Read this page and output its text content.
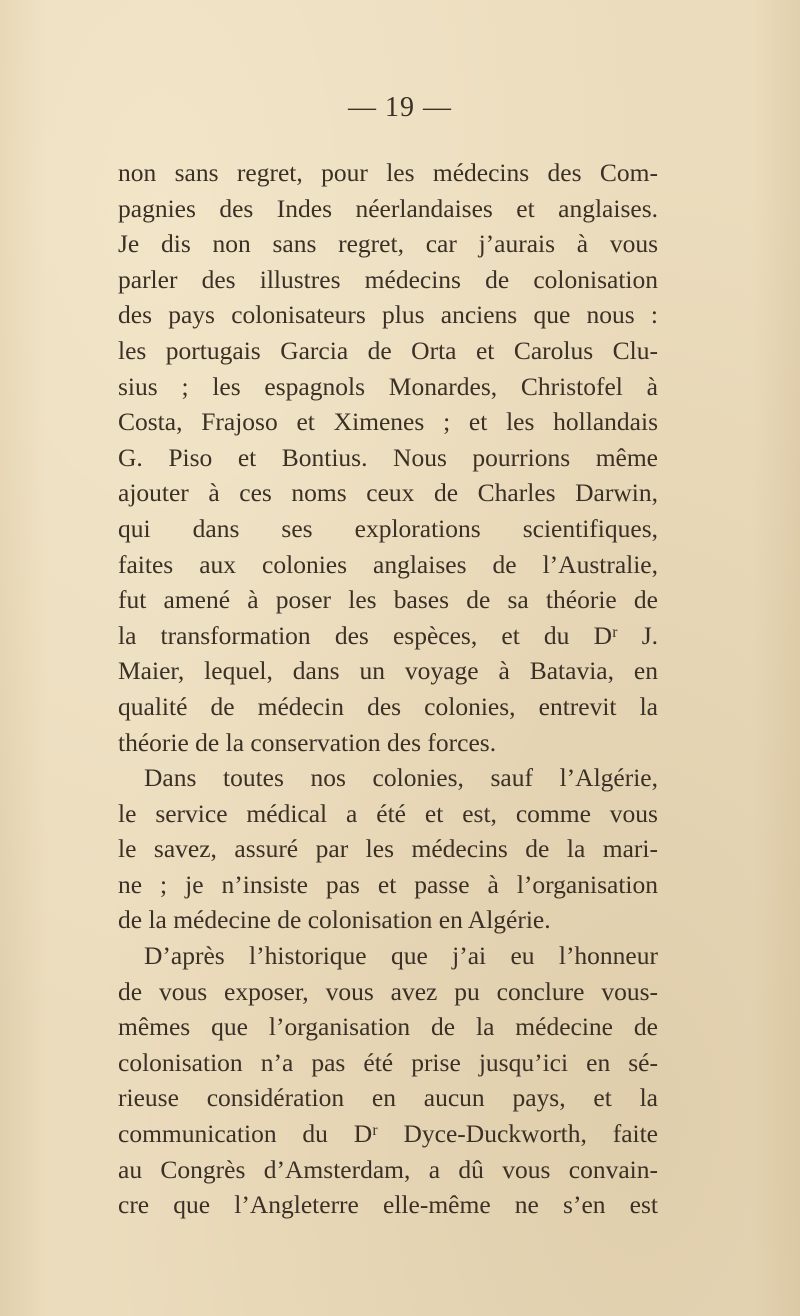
— 19 —
non sans regret, pour les médecins des Com-
pagnies des Indes néerlandaises et anglaises.
Je dis non sans regret, car j’aurais à vous
parler des illustres médecins de colonisation
des pays colonisateurs plus anciens que nous :
les portugais Garcia de Orta et Carolus Clu-
sius ; les espagnols Monardes, Christofel à
Costa, Frajoso et Ximenes ; et les hollandais
G. Piso et Bontius. Nous pourrions même
ajouter à ces noms ceux de Charles Darwin,
qui dans ses explorations scientifiques,
faites aux colonies anglaises de l’Australie,
fut amené à poser les bases de sa théorie de
la transformation des espèces, et du Dʳ J.
Maier, lequel, dans un voyage à Batavia, en
qualité de médecin des colonies, entrevit la
théorie de la conservation des forces.
Dans toutes nos colonies, sauf l’Algérie,
le service médical a été et est, comme vous
le savez, assuré par les médecins de la mari-
ne ; je n’insiste pas et passe à l’organisation
de la médecine de colonisation en Algérie.
D’après l’historique que j’ai eu l’honneur
de vous exposer, vous avez pu conclure vous-
mêmes que l’organisation de la médecine de
colonisation n’a pas été prise jusqu’ici en sé-
rieuse considération en aucun pays, et la
communication du Dʳ Dyce-Duckworth, faite
au Congrès d’Amsterdam, a dû vous convain-
cre que l’Angleterre elle-même ne s’en est
